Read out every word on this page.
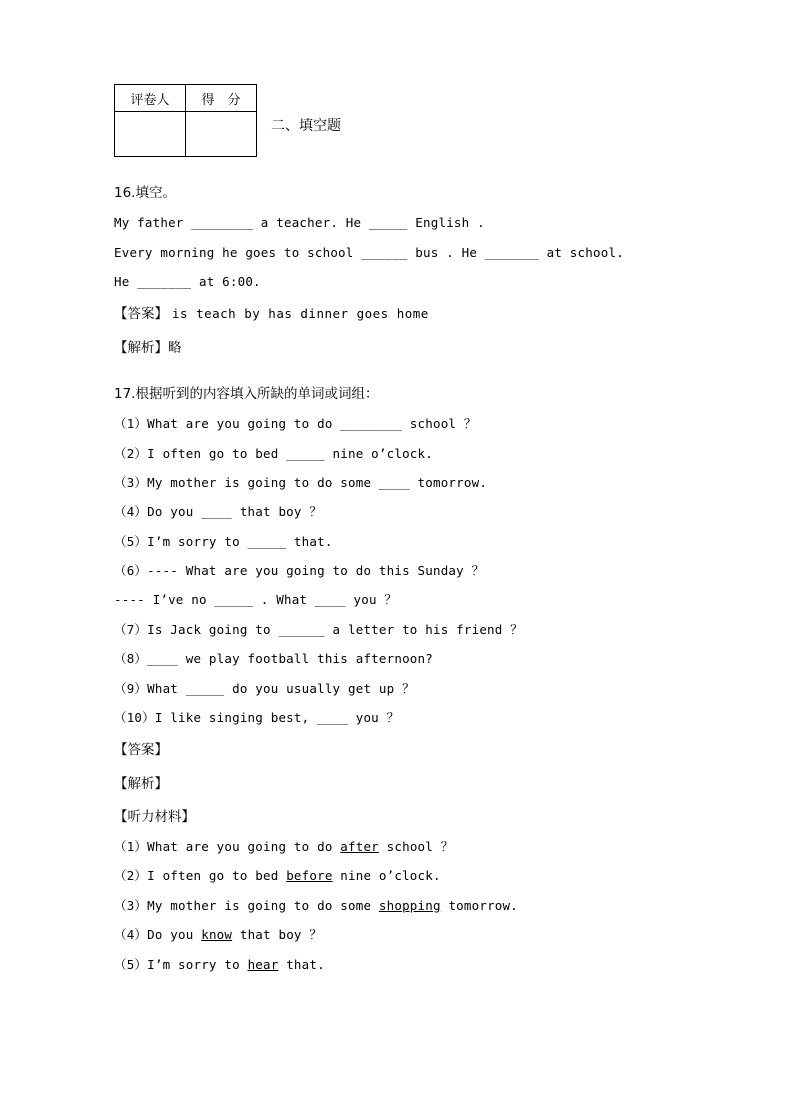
评卷人	得　分

二、填空题
16.填空。
My father ________ a teacher. He _____ English .
Every morning he goes to school ______ bus . He _______ at school.
He _______ at 6:00.
【答案】 is teach by has dinner goes home
【解析】略
17.根据听到的内容填入所缺的单词或词组：
（1）What are you going to do ________ school ？
（2）I often go to bed _____ nine o’clock.
（3）My mother is going to do some ____ tomorrow.
（4）Do you ____ that boy ？
（5）I’m sorry to _____ that.
（6）---- What are you going to do this Sunday ？
---- I’ve no _____ . What ____ you ？
（7）Is Jack going to ______ a letter to his friend ？
（8）____ we play football this afternoon?
（9）What _____ do you usually get up ？
（10）I like singing best, ____ you ？
【答案】
【解析】
【听力材料】
（1）What are you going to do after school ？
（2）I often go to bed before nine o’clock.
（3）My mother is going to do some shopping tomorrow.
（4）Do you know that boy ？
（5）I’m sorry to hear that.
